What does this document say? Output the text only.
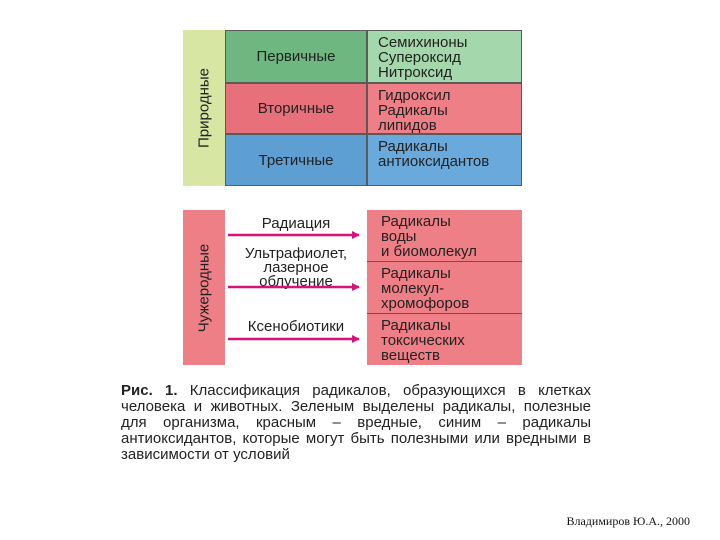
Природные
Первичные
Вторичные
Третичные
Семихиноны
Супероксид
Нитроксид
Гидроксил
Радикалы
липидов
Радикалы
антиоксидантов
Чужеродные
Радиация
Ультрафиолет,
лазерное
облучение
Ксенобиотики
Радикалы
воды
и биомолекул
Радикалы
молекул-
хромофоров
Радикалы
токсических
веществ
Рис. 1. Классификация радикалов, образующихся в клетках человека и животных. Зеленым выделены радикалы, полезные для организма, красным – вредные, синим – радикалы антиоксидантов, которые могут быть полезными или вредными в зависимости от условий
Владимиров Ю.А., 2000
